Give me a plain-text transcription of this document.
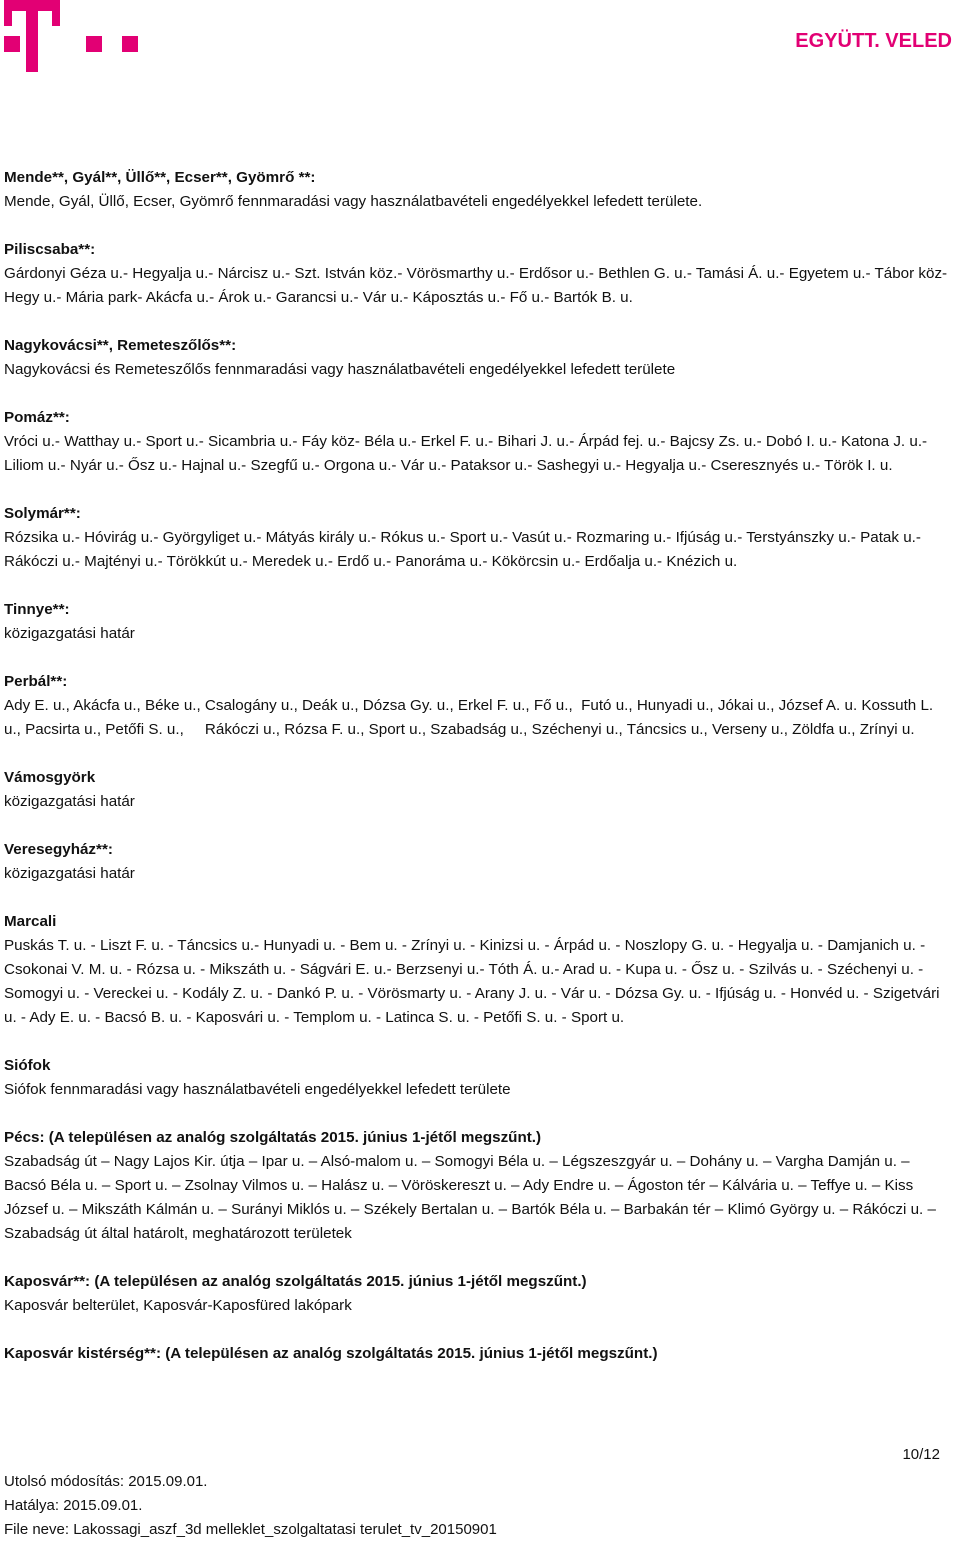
EGYÜTT. VELED
Mende**, Gyál**, Üllő**, Ecser**, Gyömrő **:
Mende, Gyál, Üllő, Ecser, Gyömrő fennmaradási vagy használatbavételi engedélyekkel lefedett területe.
Piliscsaba**:
Gárdonyi Géza u.- Hegyalja u.- Nárcisz u.- Szt. István köz.- Vörösmarthy u.- Erdősor u.- Bethlen G. u.- Tamási Á. u.- Egyetem u.- Tábor köz- Hegy u.- Mária park- Akácfa u.- Árok u.- Garancsi u.- Vár u.- Káposztás u.- Fő u.- Bartók B. u.
Nagykovácsi**, Remeteszőlős**:
Nagykovácsi és Remeteszőlős fennmaradási vagy használatbavételi engedélyekkel lefedett területe
Pomáz**:
Vróci u.- Watthay u.- Sport u.- Sicambria u.- Fáy köz- Béla u.- Erkel F. u.- Bihari J. u.- Árpád fej. u.- Bajcsy Zs. u.- Dobó I. u.- Katona J. u.- Liliom u.- Nyár u.- Ősz u.- Hajnal u.- Szegfű u.- Orgona u.- Vár u.- Pataksor u.- Sashegyi u.- Hegyalja u.- Cseresznyés u.- Török I. u.
Solymár**:
Rózsika u.- Hóvirág u.- Györgyliget u.- Mátyás király u.- Rókus u.- Sport u.- Vasút u.- Rozmaring u.- Ifjúság u.- Terstyánszky u.- Patak u.- Rákóczi u.- Majtényi u.- Törökkút u.- Meredek u.- Erdő u.- Panoráma u.- Kökörcsin u.- Erdőalja u.- Knézich u.
Tinnye**:
közigazgatási határ
Perbál**:
Ady E. u., Akácfa u., Béke u., Csalogány u., Deák u., Dózsa Gy. u., Erkel F. u., Fő u.,  Futó u., Hunyadi u., Jókai u., József A. u. Kossuth L. u., Pacsirta u., Petőfi S. u.,     Rákóczi u., Rózsa F. u., Sport u., Szabadság u., Széchenyi u., Táncsics u., Verseny u., Zöldfa u., Zrínyi u.
Vámosgyörk
közigazgatási határ
Veresegyház**:
közigazgatási határ
Marcali
Puskás T. u. - Liszt F. u. - Táncsics u.- Hunyadi u. - Bem u. - Zrínyi u. - Kinizsi u. - Árpád u. - Noszlopy G. u. - Hegyalja u. - Damjanich u. - Csokonai V. M. u. - Rózsa u. - Mikszáth u. - Ságvári E. u.- Berzsenyi u.- Tóth Á. u.- Arad u. - Kupa u. - Ősz u. - Szilvás u. - Széchenyi u. - Somogyi u. - Vereckei u. - Kodály Z. u. - Dankó P. u. - Vörösmarty u. - Arany J. u. - Vár u. - Dózsa Gy. u. - Ifjúság u. - Honvéd u. - Szigetvári u. - Ady E. u. - Bacsó B. u. - Kaposvári u. - Templom u. - Latinca S. u. - Petőfi S. u. - Sport u.
Siófok
Siófok fennmaradási vagy használatbavételi engedélyekkel lefedett területe
Pécs: (A településen az analóg szolgáltatás 2015. június 1-jétől megszűnt.)
Szabadság út – Nagy Lajos Kir. útja – Ipar u. – Alsó-malom u. – Somogyi Béla u. – Légszeszgyár u. – Dohány u. – Vargha Damján u. – Bacsó Béla u. – Sport u. – Zsolnay Vilmos u. – Halász u. – Vöröskereszt u. – Ady Endre u. – Ágoston tér – Kálvária u. – Teffye u. – Kiss József u. – Mikszáth Kálmán u. – Surányi Miklós u. – Székely Bertalan u. – Bartók Béla u. – Barbakán tér – Klimó György u. – Rákóczi u. – Szabadság út által határolt, meghatározott területek
Kaposvár**: (A településen az analóg szolgáltatás 2015. június 1-jétől megszűnt.)
Kaposvár belterület, Kaposvár-Kaposfüred lakópark
Kaposvár kistérség**: (A településen az analóg szolgáltatás 2015. június 1-jétől megszűnt.)
10/12
Utolsó módosítás: 2015.09.01.
Hatálya: 2015.09.01.
File neve: Lakossagi_aszf_3d melleklet_szolgaltatasi terulet_tv_20150901
